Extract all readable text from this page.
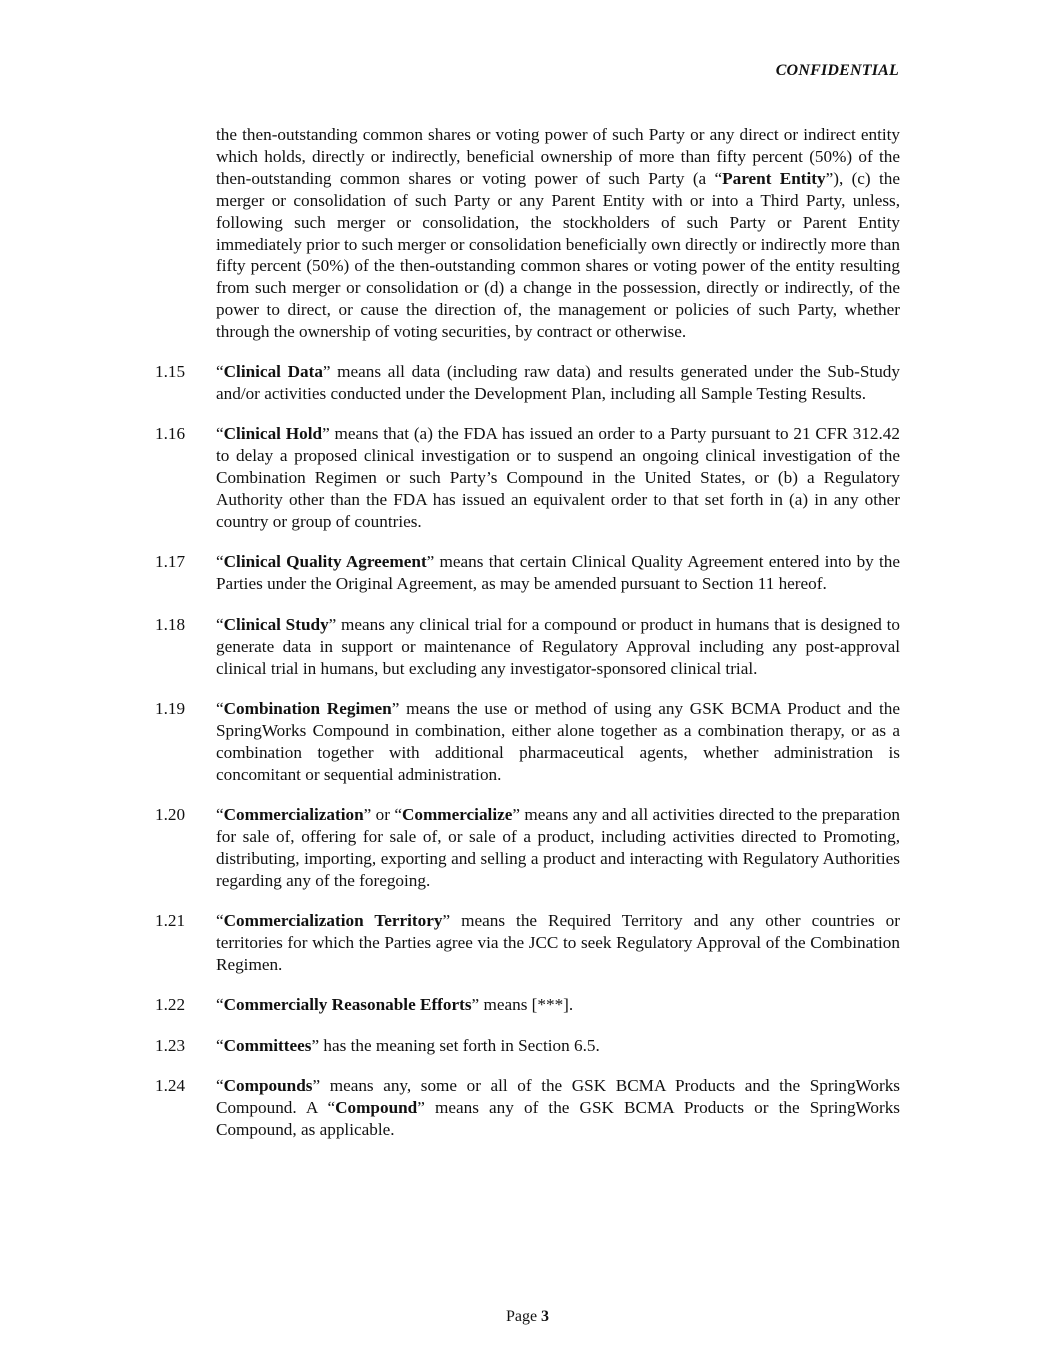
CONFIDENTIAL
the then-outstanding common shares or voting power of such Party or any direct or indirect entity which holds, directly or indirectly, beneficial ownership of more than fifty percent (50%) of the then-outstanding common shares or voting power of such Party (a “Parent Entity”), (c) the merger or consolidation of such Party or any Parent Entity with or into a Third Party, unless, following such merger or consolidation, the stockholders of such Party or Parent Entity immediately prior to such merger or consolidation beneficially own directly or indirectly more than fifty percent (50%) of the then-outstanding common shares or voting power of the entity resulting from such merger or consolidation or (d) a change in the possession, directly or indirectly, of the power to direct, or cause the direction of, the management or policies of such Party, whether through the ownership of voting securities, by contract or otherwise.
1.15 “Clinical Data” means all data (including raw data) and results generated under the Sub-Study and/or activities conducted under the Development Plan, including all Sample Testing Results.
1.16 “Clinical Hold” means that (a) the FDA has issued an order to a Party pursuant to 21 CFR 312.42 to delay a proposed clinical investigation or to suspend an ongoing clinical investigation of the Combination Regimen or such Party’s Compound in the United States, or (b) a Regulatory Authority other than the FDA has issued an equivalent order to that set forth in (a) in any other country or group of countries.
1.17 “Clinical Quality Agreement” means that certain Clinical Quality Agreement entered into by the Parties under the Original Agreement, as may be amended pursuant to Section 11 hereof.
1.18 “Clinical Study” means any clinical trial for a compound or product in humans that is designed to generate data in support or maintenance of Regulatory Approval including any post-approval clinical trial in humans, but excluding any investigator-sponsored clinical trial.
1.19 “Combination Regimen” means the use or method of using any GSK BCMA Product and the SpringWorks Compound in combination, either alone together as a combination therapy, or as a combination together with additional pharmaceutical agents, whether administration is concomitant or sequential administration.
1.20 “Commercialization” or “Commercialize” means any and all activities directed to the preparation for sale of, offering for sale of, or sale of a product, including activities directed to Promoting, distributing, importing, exporting and selling a product and interacting with Regulatory Authorities regarding any of the foregoing.
1.21 “Commercialization Territory” means the Required Territory and any other countries or territories for which the Parties agree via the JCC to seek Regulatory Approval of the Combination Regimen.
1.22 “Commercially Reasonable Efforts” means [***].
1.23 “Committees” has the meaning set forth in Section 6.5.
1.24 “Compounds” means any, some or all of the GSK BCMA Products and the SpringWorks Compound. A “Compound” means any of the GSK BCMA Products or the SpringWorks Compound, as applicable.
Page 3
